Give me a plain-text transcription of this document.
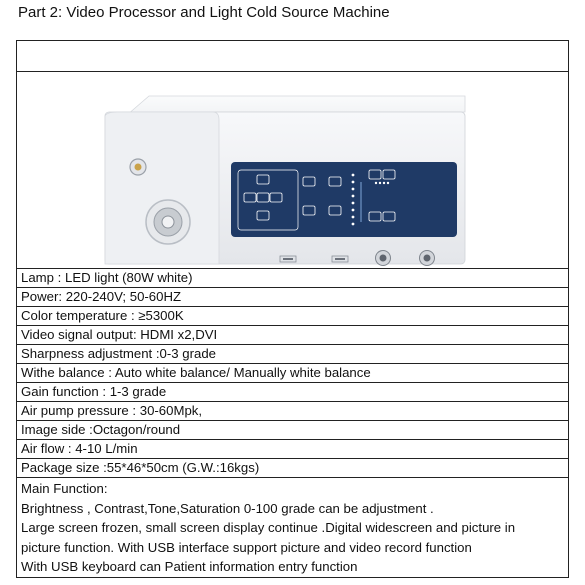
Part 2: Video Processor and Light Cold Source Machine
Lamp : LED light (80W white)
Power: 220-240V; 50-60HZ
Color temperature : ≥5300K
Video signal output: HDMI x2,DVI
Sharpness adjustment :0-3 grade
Withe balance : Auto white balance/ Manually white balance
Gain function : 1-3 grade
Air pump pressure : 30-60Mpk,
Image side :Octagon/round
Air flow : 4-10 L/min
Package size :55*46*50cm (G.W.:16kgs)
Main Function:
Brightness , Contrast,Tone,Saturation 0-100 grade can be adjustment .
Large screen frozen, small screen display continue .Digital widescreen and picture in
picture function. With USB interface support picture and video record function
With USB keyboard can Patient information entry function
